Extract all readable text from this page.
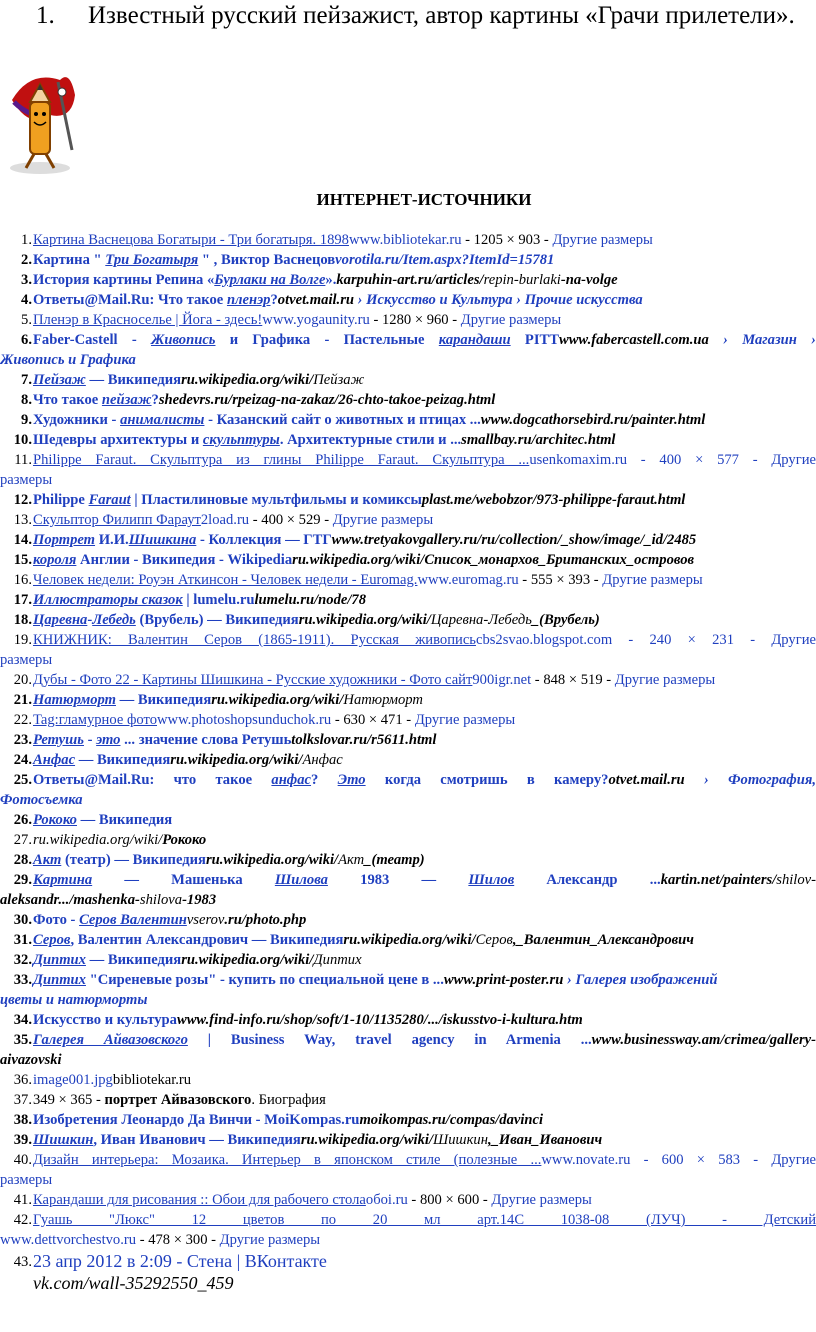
1. Известный русский пейзажист, автор картины «Грачи прилетели».
ИНТЕРНЕТ-ИСТОЧНИКИ
1. Картина Васнецова Богатыри - Три богатыря. 1898www.bibliotekar.ru - 1205 × 903 - Другие размеры
2. Картина " Три Богатыря " , Виктор Васнецовvorotila.ru/Item.aspx?ItemId=15781
3. История картины Репина «Бурлаки на Волге».karpuhin-art.ru/articles/repin-burlaki-na-volge
4. Ответы@Mail.Ru: Что такое пленэр?otvet.mail.ru › Искусство и Культура › Прочие искусства
5. Пленэр в Красноселье | Йога - здесь!www.yogaunity.ru - 1280 × 960 - Другие размеры
6. Faber-Castell - Живопись и Графика - Пастельные карандаши PITTwww.fabercastell.com.ua › Магазин ›
Живопись и Графика
7. Пейзаж — Википедияru.wikipedia.org/wiki/Пейзаж
8. Что такое пейзаж?shedevrs.ru/rpeizag-na-zakaz/26-chto-takoe-peizag.html
9. Художники - анималисты - Казанский сайт о животных и птицах ...www.dogcathorsebird.ru/painter.html
10. Шедевры архитектуры и скульптуры. Архитектурные стили и ...smallbay.ru/architec.html
11. Philippe Faraut. Скульптура из глины Philippe Faraut. Скульптура ...usenkomaxim.ru - 400 × 577 - Другие
размеры
12. Philippe Faraut | Пластилиновые мультфильмы и комиксыplast.me/webobzor/973-philippe-faraut.html
13. Скульптор Филипп Фараут2load.ru - 400 × 529 - Другие размеры
14. Портрет И.И.Шишкина - Коллекция — ГТГwww.tretyakovgallery.ru/ru/collection/_show/image/_id/2485
15. короля Англии - Википедия - Wikipediaru.wikipedia.org/wiki/Список_монархов_Британских_островов
16. Человек недели: Роуэн Аткинсон - Человек недели - Euromag.www.euromag.ru - 555 × 393 - Другие размеры
17. Иллюстраторы сказок | lumelu.rulumelu.ru/node/78
18. Царевна-Лебедь (Врубель) — Википедияru.wikipedia.org/wiki/Царевна-Лебедь_(Врубель)
19. КНИЖНИК: Валентин Серов (1865-1911). Русская живописьcbs2svao.blogspot.com - 240 × 231 - Другие
размеры
20. Дубы - Фото 22 - Картины Шишкина - Русские художники - Фото сайт900igr.net - 848 × 519 - Другие размеры
21. Натюрморт — Википедияru.wikipedia.org/wiki/Натюрморт
22. Tag:гламурное фотоwww.photoshopsunduchok.ru - 630 × 471 - Другие размеры
23. Ретушь - это ... значение слова Ретушьtolkslovar.ru/r5611.html
24. Анфас — Википедияru.wikipedia.org/wiki/Анфас
25. Ответы@Mail.Ru: что такое анфас? Это когда смотришь в камеру?otvet.mail.ru › Фотография,
Фотосъемка
26. Рококо — Википедия
27. ru.wikipedia.org/wiki/Рококо
28. Акт (театр) — Википедияru.wikipedia.org/wiki/Акт_(театр)
29. Картина — Машенька Шилова 1983 — Шилов Александр ...kartin.net/painters/shilov-
aleksandr.../mashenka-shilova-1983
30. Фото - Серов Валентинvserov.ru/photo.php
31. Серов, Валентин Александрович — Википедияru.wikipedia.org/wiki/Серов,_Валентин_Александрович
32. Диптих — Википедияru.wikipedia.org/wiki/Диптих
33. Диптих "Сиреневые розы" - купить по специальной цене в ...www.print-poster.ru › Галерея изображений
цветы и натюрморты
34. Искусство и культураwww.find-info.ru/shop/soft/1-10/1135280/.../iskusstvo-i-kultura.htm
35. Галерея Айвазовского | Business Way, travel agency in Armenia ...www.businessway.am/crimea/gallery-
aivazovski
36. image001.jpgbibliotekar.ru
37. 349 × 365 - портрет Айвазовского. Биография
38. Изобретения Леонардо Да Винчи - MoiKompas.rumoikompas.ru/compas/davinci
39. Шишкин, Иван Иванович — Википедияru.wikipedia.org/wiki/Шишкин,_Иван_Иванович
40. Дизайн интерьера: Мозаика. Интерьер в японском стиле (полезные ...www.novate.ru - 600 × 583 - Другие
размеры
41. Карандаши для рисования :: Обои для рабочего столаобoi.ru - 800 × 600 - Другие размеры
42. Гуашь "Люкс" 12 цветов по 20 мл арт.14С 1038-08 (ЛУЧ) - Детский
www.dettvorchestvo.ru - 478 × 300 - Другие размеры
43. 23 апр 2012 в 2:09 - Стена | ВКонтакте
vk.com/wall-35292550_459
